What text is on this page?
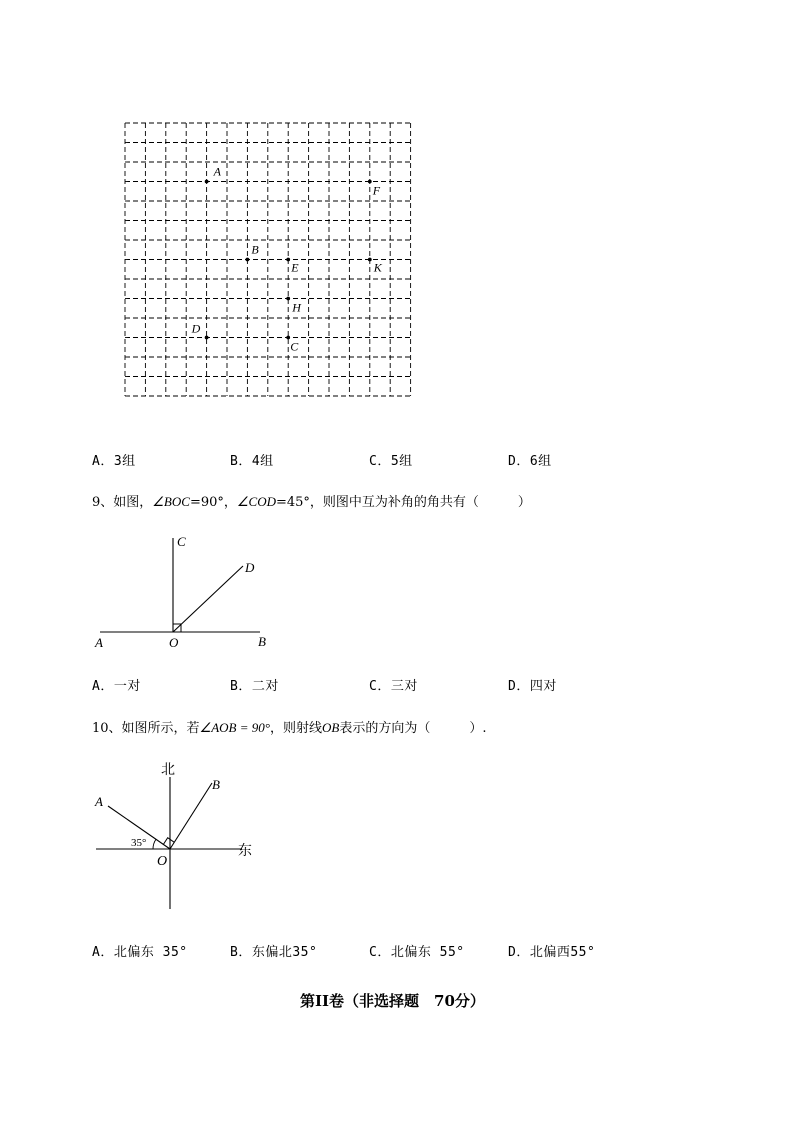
A
F
B
E	K
H
D
C
A．3组	B．4组	C．5组	D．6组
9、如图，∠BOC=90°，∠COD=45°，则图中互为补角的角共有（　　　）
A	O	B
C
D
A．一对	B．二对	C．三对	D．四对
10、如图所示，若∠AOB = 90°，则射线OB表示的方向为（　　　）.
北
东
A
B
O
35°
A．北偏东 35°	B．东偏北35°	C．北偏东 55°	D．北偏西55°
第II卷（非选择题　70分）
